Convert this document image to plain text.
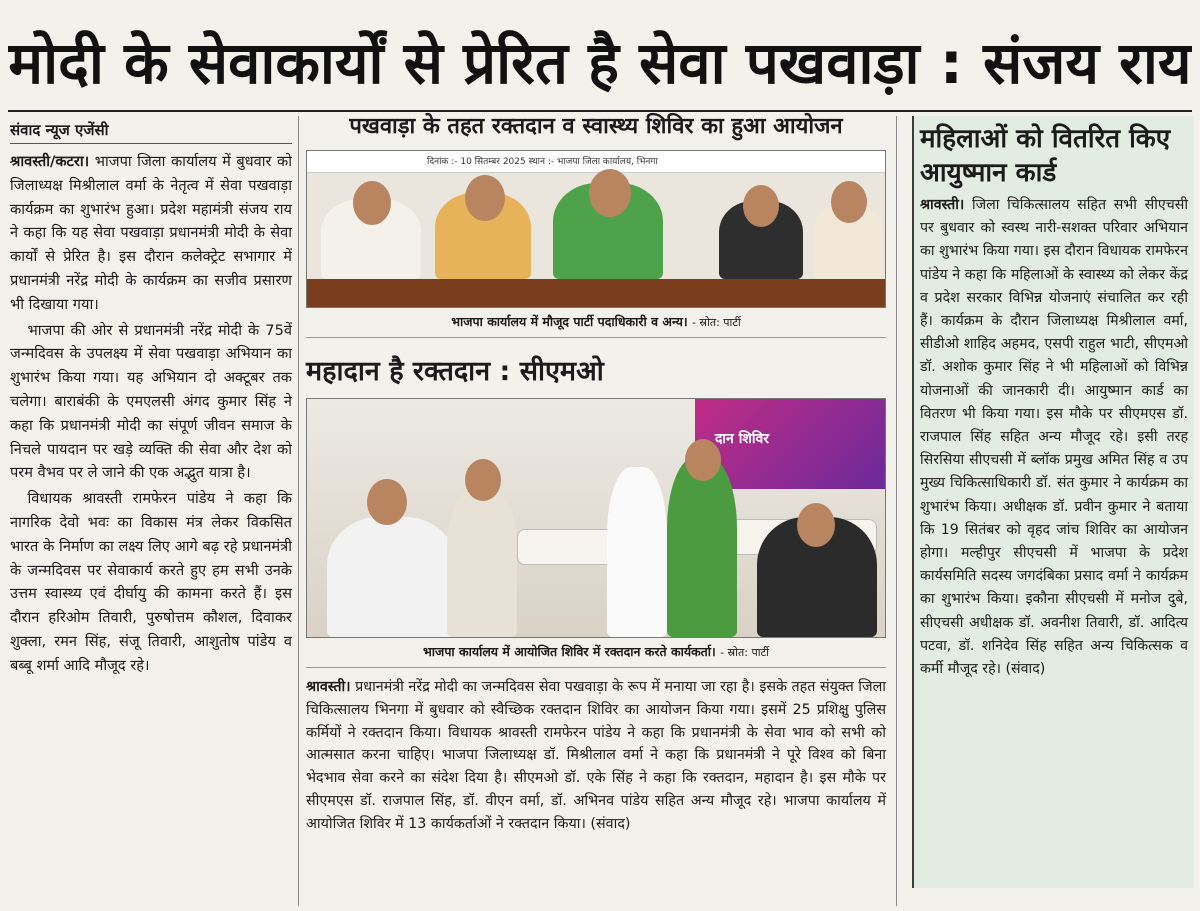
मोदी के सेवाकार्यों से प्रेरित है सेवा पखवाड़ा : संजय राय
संवाद न्यूज एजेंसी

श्रावस्ती/कटरा। भाजपा जिला कार्यालय में बुधवार को जिलाध्यक्ष मिश्रीलाल वर्मा के नेतृत्व में सेवा पखवाड़ा कार्यक्रम का शुभारंभ हुआ। प्रदेश महामंत्री संजय राय ने कहा कि यह सेवा पखवाड़ा प्रधानमंत्री मोदी के सेवा कार्यों से प्रेरित है। इस दौरान कलेक्ट्रेट सभागार में प्रधानमंत्री नरेंद्र मोदी के कार्यक्रम का सजीव प्रसारण भी दिखाया गया।

भाजपा की ओर से प्रधानमंत्री नरेंद्र मोदी के 75वें जन्मदिवस के उपलक्ष्य में सेवा पखवाड़ा अभियान का शुभारंभ किया गया। यह अभियान दो अक्टूबर तक चलेगा। बाराबंकी के एमएलसी अंगद कुमार सिंह ने कहा कि प्रधानमंत्री मोदी का संपूर्ण जीवन समाज के निचले पायदान पर खड़े व्यक्ति की सेवा और देश को परम वैभव पर ले जाने की एक अद्भुत यात्रा है।

विधायक श्रावस्ती रामफेरन पांडेय ने कहा कि नागरिक देवो भवः का विकास मंत्र लेकर विकसित भारत के निर्माण का लक्ष्य लिए आगे बढ़ रहे प्रधानमंत्री के जन्मदिवस पर सेवाकार्य करते हुए हम सभी उनके उत्तम स्वास्थ्य एवं दीर्घायु की कामना करते हैं। इस दौरान हरिओम तिवारी, पुरुषोत्तम कौशल, दिवाकर शुक्ला, रमन सिंह, संजू तिवारी, आशुतोष पांडेय व बब्बू शर्मा आदि मौजूद रहे।

पखवाड़ा के तहत रक्तदान व स्वास्थ्य शिविर का हुआ आयोजन
दिनांक :- 10 सितम्बर 2025 स्थान :- भाजपा जिला कार्यालय, भिनगा
भाजपा कार्यालय में मौजूद पार्टी पदाधिकारी व अन्य। - स्रोत: पार्टी
महादान है रक्तदान : सीएमओ
दान शिविर
भाजपा कार्यालय में आयोजित शिविर में रक्तदान करते कार्यकर्ता। - स्रोत: पार्टी
श्रावस्ती। प्रधानमंत्री नरेंद्र मोदी का जन्मदिवस सेवा पखवाड़ा के रूप में मनाया जा रहा है। इसके तहत संयुक्त जिला चिकित्सालय भिनगा में बुधवार को स्वैच्छिक रक्तदान शिविर का आयोजन किया गया। इसमें 25 प्रशिक्षु पुलिस कर्मियों ने रक्तदान किया। विधायक श्रावस्ती रामफेरन पांडेय ने कहा कि प्रधानमंत्री के सेवा भाव को सभी को आत्मसात करना चाहिए। भाजपा जिलाध्यक्ष डॉ. मिश्रीलाल वर्मा ने कहा कि प्रधानमंत्री ने पूरे विश्व को बिना भेदभाव सेवा करने का संदेश दिया है। सीएमओ डॉ. एके सिंह ने कहा कि रक्तदान, महादान है। इस मौके पर सीएमएस डॉ. राजपाल सिंह, डॉ. वीएन वर्मा, डॉ. अभिनव पांडेय सहित अन्य मौजूद रहे। भाजपा कार्यालय में आयोजित शिविर में 13 कार्यकर्ताओं ने रक्तदान किया। (संवाद)
महिलाओं को वितरित किए आयुष्मान कार्ड
श्रावस्ती। जिला चिकित्सालय सहित सभी सीएचसी पर बुधवार को स्वस्थ नारी-सशक्त परिवार अभियान का शुभारंभ किया गया। इस दौरान विधायक रामफेरन पांडेय ने कहा कि महिलाओं के स्वास्थ्य को लेकर केंद्र व प्रदेश सरकार विभिन्न योजनाएं संचालित कर रही हैं। कार्यक्रम के दौरान जिलाध्यक्ष मिश्रीलाल वर्मा, सीडीओ शाहिद अहमद, एसपी राहुल भाटी, सीएमओ डॉ. अशोक कुमार सिंह ने भी महिलाओं को विभिन्न योजनाओं की जानकारी दी। आयुष्मान कार्ड का वितरण भी किया गया। इस मौके पर सीएमएस डॉ. राजपाल सिंह सहित अन्य मौजूद रहे। इसी तरह सिरसिया सीएचसी में ब्लॉक प्रमुख अमित सिंह व उप मुख्य चिकित्साधिकारी डॉ. संत कुमार ने कार्यक्रम का शुभारंभ किया। अधीक्षक डॉ. प्रवीन कुमार ने बताया कि 19 सितंबर को वृहद जांच शिविर का आयोजन होगा। मल्हीपुर सीएचसी में भाजपा के प्रदेश कार्यसमिति सदस्य जगदंबिका प्रसाद वर्मा ने कार्यक्रम का शुभारंभ किया। इकौना सीएचसी में मनोज दुबे, सीएचसी अधीक्षक डॉ. अवनीश तिवारी, डॉ. आदित्य पटवा, डॉ. शनिदेव सिंह सहित अन्य चिकित्सक व कर्मी मौजूद रहे। (संवाद)
